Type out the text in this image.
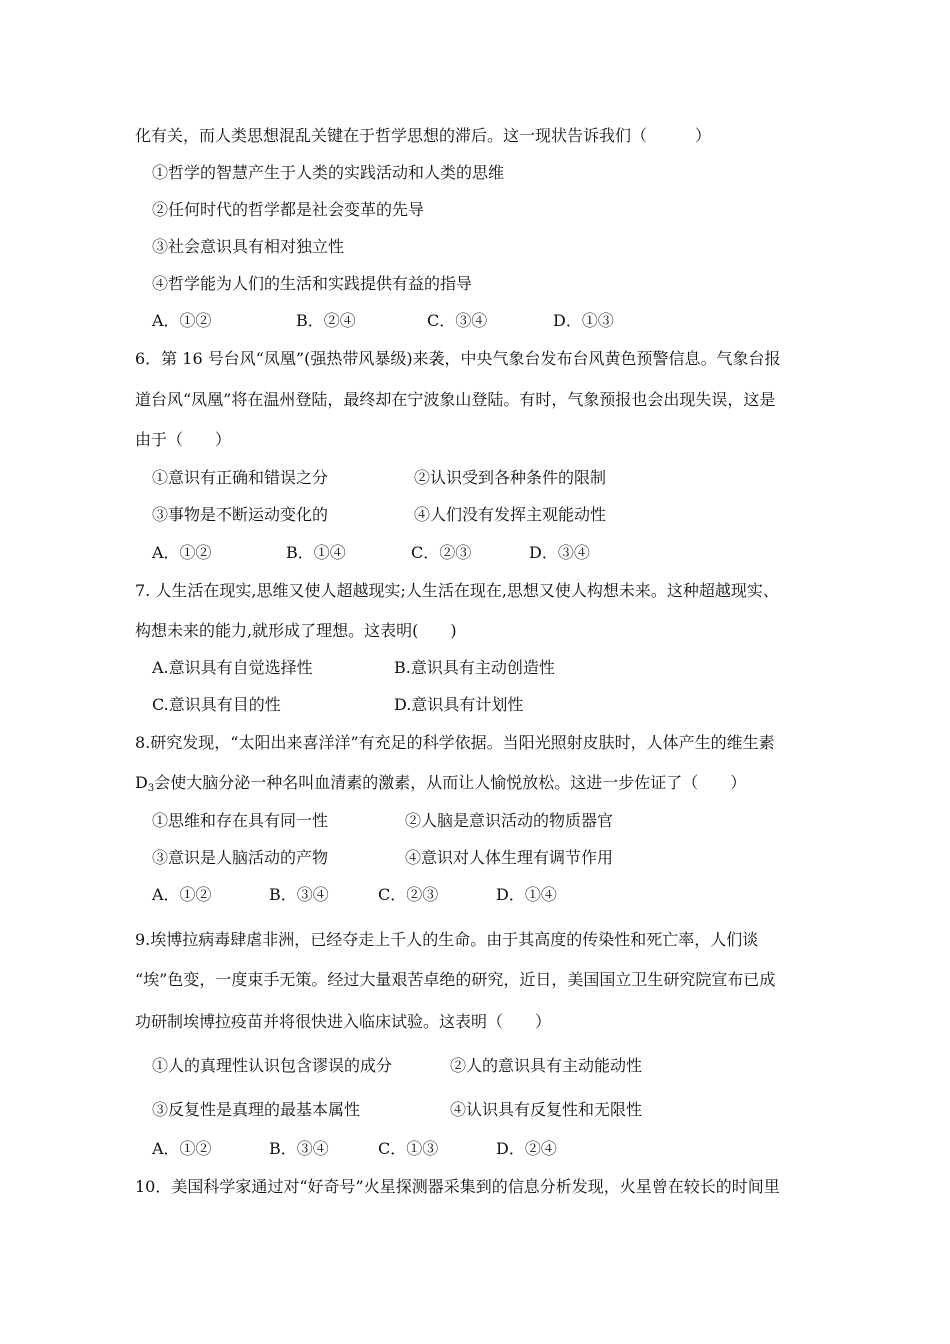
化有关，而人类思想混乱关键在于哲学思想的滞后。这一现状告诉我们（　　　）
①哲学的智慧产生于人类的实践活动和人类的思维
②任何时代的哲学都是社会变革的先导
③社会意识具有相对独立性
④哲学能为人们的生活和实践提供有益的指导
A．①②	B．②④	C．③④	D．①③
6．第 16 号台风“凤凰”(强热带风暴级)来袭，中央气象台发布台风黄色预警信息。气象台报
道台风“凤凰”将在温州登陆，最终却在宁波象山登陆。有时，气象预报也会出现失误，这是
由于（　　）
①意识有正确和错误之分	②认识受到各种条件的限制
③事物是不断运动变化的	④人们没有发挥主观能动性
A．①②	B．①④	C．②③	D．③④
7. 人生活在现实,思维又使人超越现实;人生活在现在,思想又使人构想未来。这种超越现实、
构想未来的能力,就形成了理想。这表明(　　)
A.意识具有自觉选择性	B.意识具有主动创造性
C.意识具有目的性	D.意识具有计划性
8.研究发现，“太阳出来喜洋洋”有充足的科学依据。当阳光照射皮肤时，人体产生的维生素
$D_3$会使大脑分泌一种名叫血清素的激素，从而让人愉悦放松。这进一步佐证了（　　）
①思维和存在具有同一性	②人脑是意识活动的物质器官
③意识是人脑活动的产物	④意识对人体生理有调节作用
A．①②	B．③④	C．②③	D．①④
9.埃博拉病毒肆虐非洲，已经夺走上千人的生命。由于其高度的传染性和死亡率，人们谈
“埃”色变，一度束手无策。经过大量艰苦卓绝的研究，近日，美国国立卫生研究院宣布已成
功研制埃博拉疫苗并将很快进入临床试验。这表明（　　）
①人的真理性认识包含谬误的成分	②人的意识具有主动能动性
③反复性是真理的最基本属性	④认识具有反复性和无限性
A．①②	B．③④	C．①③	D．②④
10．美国科学家通过对“好奇号”火星探测器采集到的信息分析发现，火星曾在较长的时间里
